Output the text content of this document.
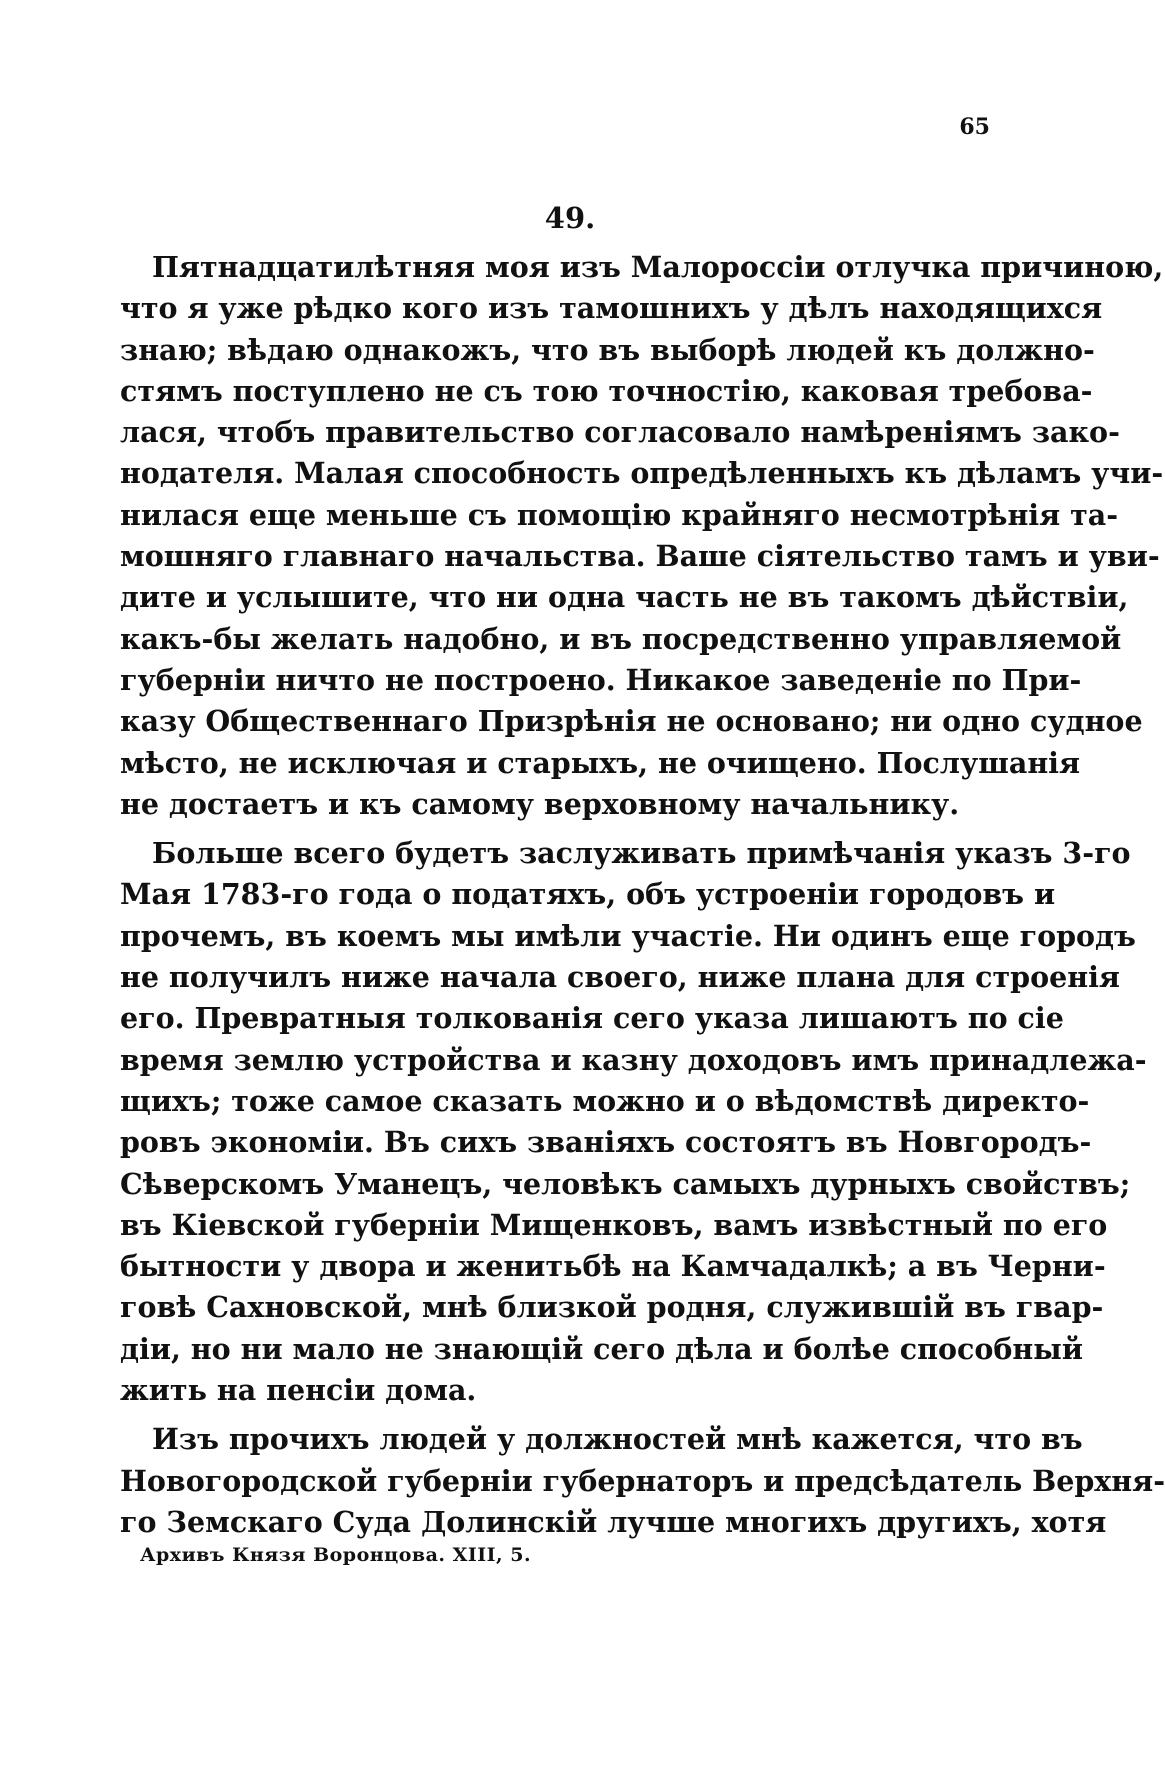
65
49.
Пятнадцатилѣтняя моя изъ Малороссіи отлучка причиною,
что я уже рѣдко кого изъ тамошнихъ у дѣлъ находящихся
знаю; вѣдаю однакожъ, что въ выборѣ людей къ должно-
стямъ поступлено не съ тою точностію, каковая требова-
лася, чтобъ правительство согласовало намѣреніямъ зако-
нодателя. Малая способность опредѣленныхъ къ дѣламъ учи-
нилася еще меньше съ помощію крайняго несмотрѣнія та-
мошняго главнаго начальства. Ваше сіятельство тамъ и уви-
дите и услышите, что ни одна часть не въ такомъ дѣйствіи,
какъ-бы желать надобно, и въ посредственно управляемой
губерніи ничто не построено. Никакое заведеніе по При-
казу Общественнаго Призрѣнія не основано; ни одно судное
мѣсто, не исключая и старыхъ, не очищено. Послушанія
не достаетъ и къ самому верховному начальнику.
Больше всего будетъ заслуживать примѣчанія указъ 3-го
Мая 1783-го года о податяхъ, объ устроеніи городовъ и
прочемъ, въ коемъ мы имѣли участіе. Ни одинъ еще городъ
не получилъ ниже начала своего, ниже плана для строенія
его. Превратныя толкованія сего указа лишаютъ по сіе
время землю устройства и казну доходовъ имъ принадлежа-
щихъ; тоже самое сказать можно и о вѣдомствѣ директо-
ровъ экономіи. Въ сихъ званіяхъ состоятъ въ Новгородъ-
Сѣверскомъ Уманецъ, человѣкъ самыхъ дурныхъ свойствъ;
въ Кіевской губерніи Мищенковъ, вамъ извѣстный по его
бытности у двора и женитьбѣ на Камчадалкѣ; а въ Черни-
говѣ Сахновской, мнѣ близкой родня, служившій въ гвар-
діи, но ни мало не знающій сего дѣла и болѣе способный
жить на пенсіи дома.
Изъ прочихъ людей у должностей мнѣ кажется, что въ
Новогородской губерніи губернаторъ и предсѣдатель Верхня-
го Земскаго Суда Долинскій лучше многихъ другихъ, хотя
Архивъ Князя Воронцова. XIII, 5.
